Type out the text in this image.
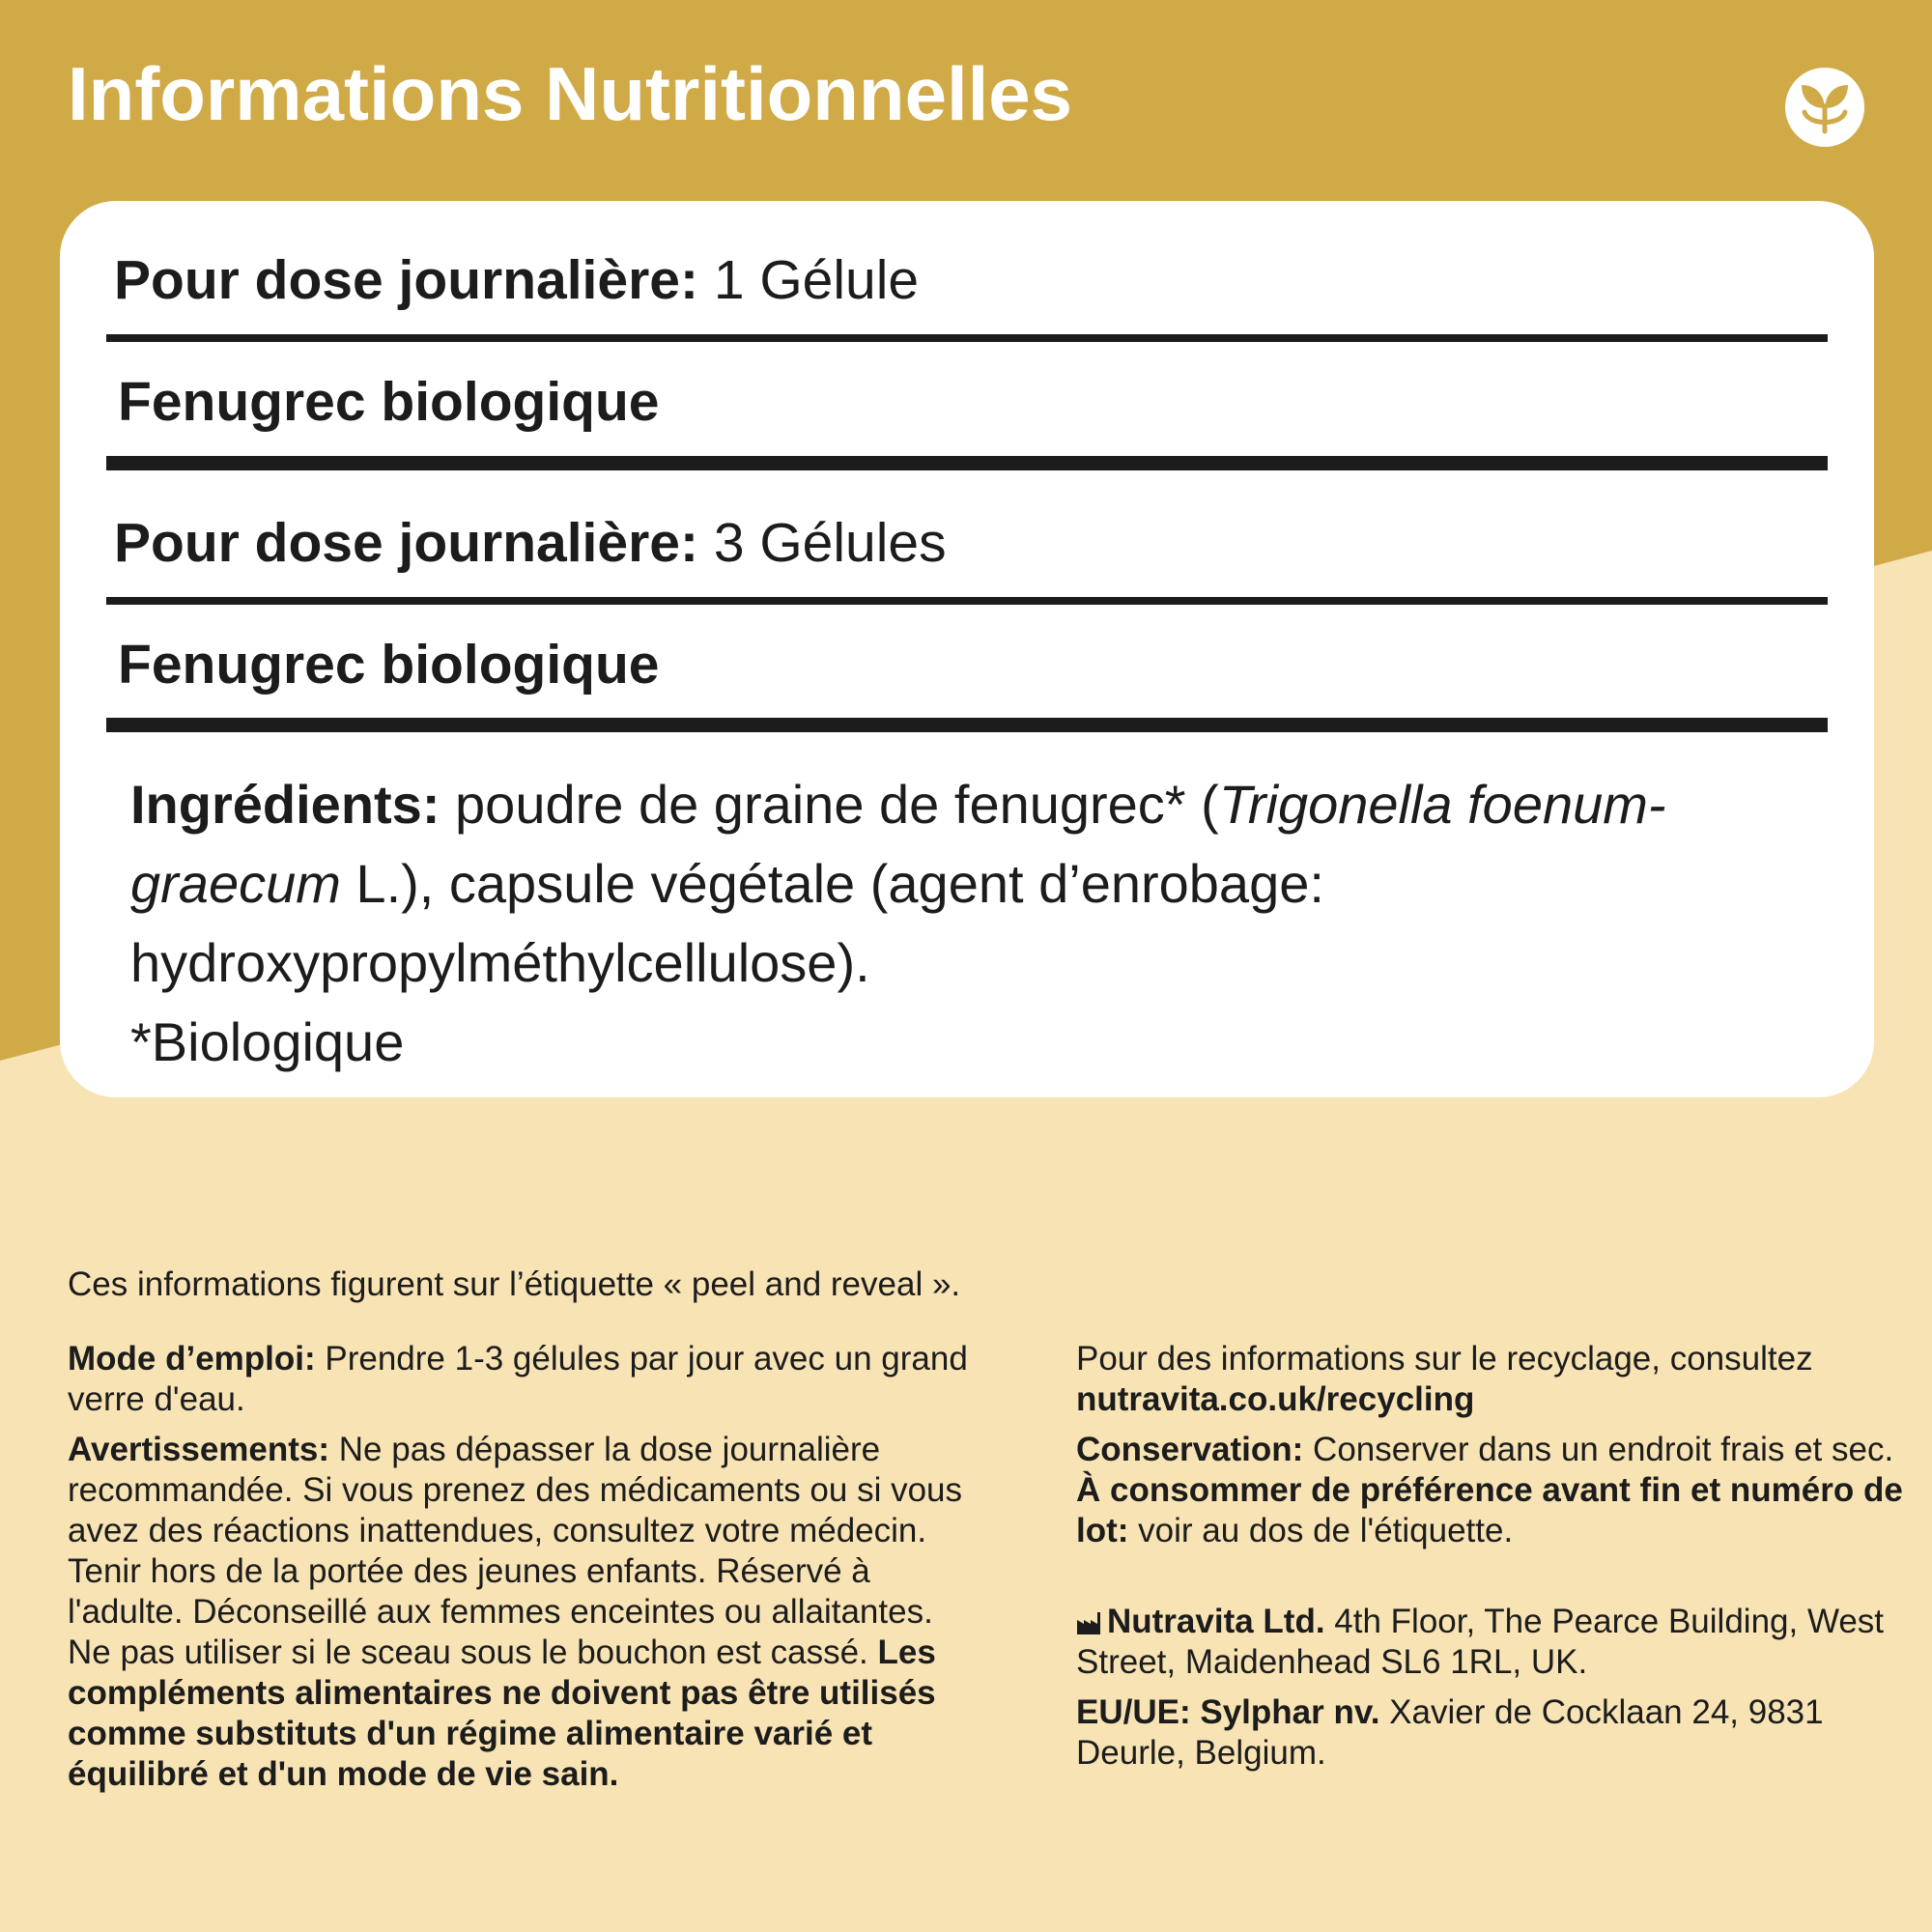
Informations Nutritionnelles
Pour dose journalière: 1 Gélule
Fenugrec biologique
Pour dose journalière: 3 Gélules
Fenugrec biologique
Ingrédients: poudre de graine de fenugrec* (Trigonella foenum-graecum L.), capsule végétale (agent d’enrobage: hydroxypropylméthylcellulose).
*Biologique
Ces informations figurent sur l’étiquette « peel and reveal ».

Mode d’emploi: Prendre 1-3 gélules par jour avec un grand verre d'eau.

Avertissements: Ne pas dépasser la dose journalière recommandée. Si vous prenez des médicaments ou si vous avez des réactions inattendues, consultez votre médecin. Tenir hors de la portée des jeunes enfants. Réservé à l'adulte. Déconseillé aux femmes enceintes ou allaitantes. Ne pas utiliser si le sceau sous le bouchon est cassé. Les compléments alimentaires ne doivent pas être utilisés comme substituts d'un régime alimentaire varié et équilibré et d'un mode de vie sain.

Pour des informations sur le recyclage, consultez
nutravita.co.uk/recycling

Conservation: Conserver dans un endroit frais et sec. À consommer de préférence avant fin et numéro de lot: voir au dos de l'étiquette.

Nutravita Ltd. 4th Floor, The Pearce Building, West Street, Maidenhead SL6 1RL, UK.

EU/UE: Sylphar nv. Xavier de Cocklaan 24, 9831 Deurle, Belgium.
